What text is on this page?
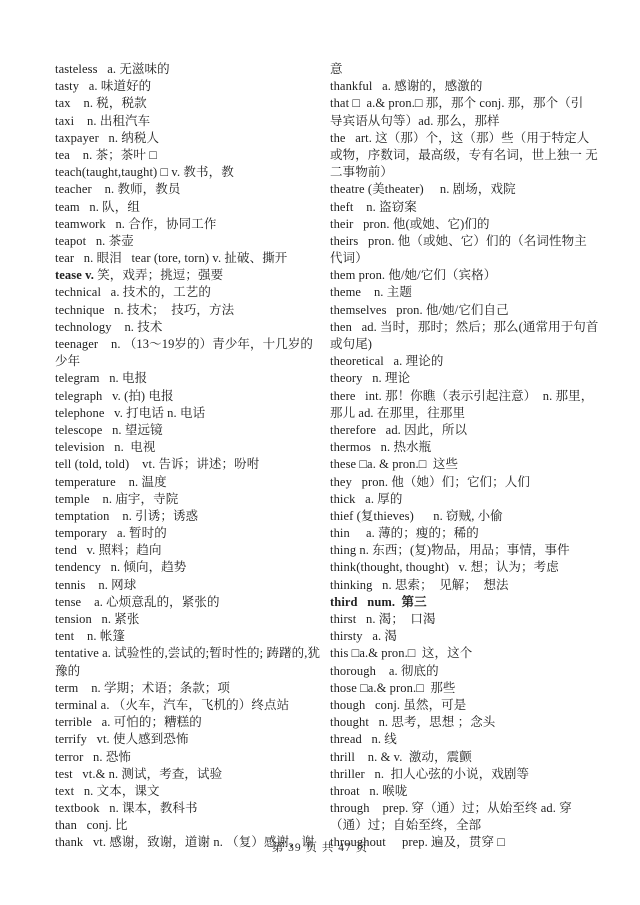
tasteless   a. 无滋味的
tasty   a. 味道好的
tax    n. 税，税款
taxi    n. 出租汽车
taxpayer   n. 纳税人
tea    n. 茶；茶叶 □
teach(taught,taught) □ v. 教书，教
teacher    n. 教师，教员
team   n. 队，组
teamwork   n. 合作，协同工作
teapot   n. 茶壶
tear   n. 眼泪   tear (tore, torn) v. 扯破、撕开
tease v. 笑，戏弄；挑逗；强要
technical   a. 技术的，工艺的
technique   n. 技术；  技巧，方法
technology    n. 技术
teenager    n. （13～19岁的）青少年，十几岁的
少年
telegram   n. 电报
telegraph   v. (拍) 电报
telephone   v. 打电话 n. 电话
telescope   n. 望远镜
television   n.  电视
tell (told, told)    vt. 告诉；讲述；吩咐
temperature    n. 温度
temple    n. 庙宇，寺院
temptation    n. 引诱；诱惑
temporary   a. 暂时的
tend   v. 照料；趋向
tendency   n. 倾向，趋势
tennis    n. 网球
tense    a. 心烦意乱的，紧张的
tension   n. 紧张
tent    n. 帐篷
tentative a. 试验性的,尝试的;暂时性的; 踌躇的,犹
豫的
term    n. 学期；术语；条款；项
terminal a. （火车，汽车，飞机的）终点站
terrible   a. 可怕的；糟糕的
terrify   vt. 使人感到恐怖
terror   n. 恐怖
test   vt.& n. 测试，考查，试验
text   n. 文本，课文
textbook   n. 课本，教科书
than   conj. 比
thank   vt. 感谢，致谢，道谢 n. （复）感谢，谢
意
thankful   a. 感谢的，感激的
that □  a.& pron.□ 那，那个 conj. 那，那个（引
导宾语从句等）ad. 那么，那样
the   art. 这（那）个，这（那）些（用于特定人
或物，序数词，最高级，专有名词，世上独一 无
二事物前）
theatre (美theater)     n. 剧场，戏院
theft    n. 盗窃案
their   pron. 他(或她、它)们的
theirs   pron. 他（或她、它）们的（名词性物主
代词）
them pron. 他/她/它们（宾格）
theme    n. 主题
themselves   pron. 他/她/它们自己
then   ad. 当时，那时；然后；那么(通常用于句首
或句尾)
theoretical   a. 理论的
theory   n. 理论
there   int. 那！你瞧（表示引起注意）  n. 那里，
那儿 ad. 在那里，往那里
therefore   ad. 因此，所以
thermos   n. 热水瓶
these □a. & pron.□  这些
they   pron. 他（她）们；它们；人们
thick   a. 厚的
thief (复thieves)      n. 窃贼, 小偷
thin     a. 薄的；瘦的；稀的
thing n. 东西；(复)物品，用品；事情，事件
think(thought, thought)   v. 想；认为；考虑
thinking   n. 思索；  见解；  想法
third   num.  第三
thirst   n. 渴；  口渴
thirsty   a. 渴
this □a.& pron.□  这，这个
thorough    a. 彻底的
those □a.& pron.□  那些
though   conj. 虽然，可是
thought   n. 思考，思想 ；念头
thread   n. 线
thrill    n. & v.  激动，震颤
thriller   n.  扣人心弦的小说，戏剧等
throat   n. 喉咙
through    prep. 穿（通）过；从始至终 ad. 穿
（通）过；自始至终，全部
throughout     prep. 遍及，贯穿 □
第 39 页 共 47 页
